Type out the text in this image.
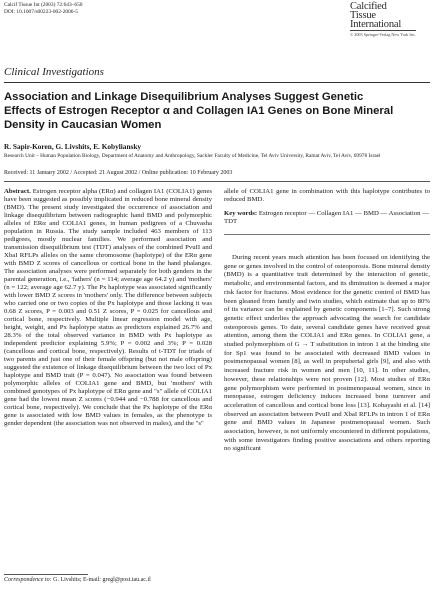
Calcif Tissue Int (2003) 72:643–650
DOI: 10.1007/s00223-002-2006-5	Calcified
Tissue
International
© 2003 Springer-Verlag New York Inc.
Clinical Investigations
Association and Linkage Disequilibrium Analyses Suggest Genetic Effects of Estrogen Receptor α and Collagen IA1 Genes on Bone Mineral Density in Caucasian Women
R. Sapir-Koren, G. Livshits, E. Kobyliansky
Research Unit – Human Population Biology, Department of Anatomy and Anthropology, Sackler Faculty of Medicine, Tel Aviv University, Ramat Aviv, Tel Aviv, 69978 Israel
Received: 11 January 2002 / Accepted: 21 August 2002 / Online publication: 10 February 2003
Abstract. Estrogen receptor alpha (ERα) and collagen IA1 (COLIA1) genes have been suggested as possibly implicated in reduced bone mineral density (BMD). The present study investigated the occurrence of association and linkage disequilibrium between radiographic hand BMD and polymorphic alleles of ERα and COLIA1 genes, in human pedigrees of a Chuvasha population in Russia. The study sample included 463 members of 113 pedigrees, mostly nuclear families. We performed association and transmission disequilibrium test (TDT) analyses of the combined PvuII and XbaI RFLPs alleles on the same chromosome (haplotype) of the ERα gene with BMD Z scores of cancellous or cortical bone in the hand phalanges. The association analyses were performed separately for both genders in the parental generation, i.e., 'fathers' (n = 114; average age 64.2 y) and 'mothers' (n = 122; average age 62.7 y). The Px haplotype was associated significantly with lower BMD Z scores in 'mothers' only. The difference between subjects who carried one or two copies of the Px haplotype and those lacking it was 0.68 Z scores, P = 0.003 and 0.51 Z scores, P = 0.025 for cancellous and cortical bone, respectively. Multiple linear regression model with age, height, weight, and Px haplotype status as predictors explained 26.7% and 28.3% of the total observed variance in BMD with Px haplotype as independent predictor explaining 5.9%; P = 0.002 and 3%; P = 0.028 (cancellous and cortical bone, respectively). Results of t-TDT for triads of two parents and just one of their female offspring (but not male offspring) suggested the existence of linkage disequilibrium between the two loci of Px haplotype and BMD trait (P = 0.047). No association was found between polymorphic alleles of COLIA1 gene and BMD, but 'mothers' with combined genotypes of Px haplotype of ERα gene and "s" allele of COLIA1 gene had the lowest mean Z scores (−0.944 and −0.788 for cancellous and cortical bone, respectively). We conclude that the Px haplotype of the ERα gene is associated with low BMD values in females, as the phenotype is gender dependent (the association was not observed in males), and the "s"
allele of COLIA1 gene in combination with this haplotype contributes to reduced BMD.
Key words: Estrogen receptor — Collagen IA1 — BMD — Association — TDT
During recent years much attention has been focused on identifying the gene or genes involved in the control of osteoporosis. Bone mineral density (BMD) is a quantitative trait determined by the interaction of genetic, metabolic, and environmental factors, and its diminution is deemed a major risk factor for fractures. Most evidence for the genetic control of BMD has been gleaned from family and twin studies, which estimate that up to 80% of its variance can be explained by genetic components [1–7]. Such strong genetic effect underlies the approach advocating the search for candidate osteoporosis genes. To date, several candidate genes have received great attention, among them the COLIA1 and ERα genes. In COLIA1 gene, a studied polymorphism of G → T substitution in intron 1 at the binding site for Sp1 was found to be associated with decreased BMD values in postmenopausal women [8], as well in prepubertal girls [9], and also with increased fracture risk in women and men [10, 11]. In other studies, however, these relationships were not proven [12]. Most studies of ERα gene polymorphism were performed in postmenopausal women, since in menopause, estrogen deficiency induces increased bone turnover and acceleration of cancellous and cortical bone loss [13]. Kobayashi et al. [14] observed an association between PvuII and XbaI RFLPs in intron 1 of ERα gene and BMD values in Japanese postmenopausal women. Such association, however, is not uniformly encountered in different populations, with some investigators finding positive associations and others reporting no significant
Correspondence to: G. Livshits; E-mail: gregl@post.tau.ac.il
